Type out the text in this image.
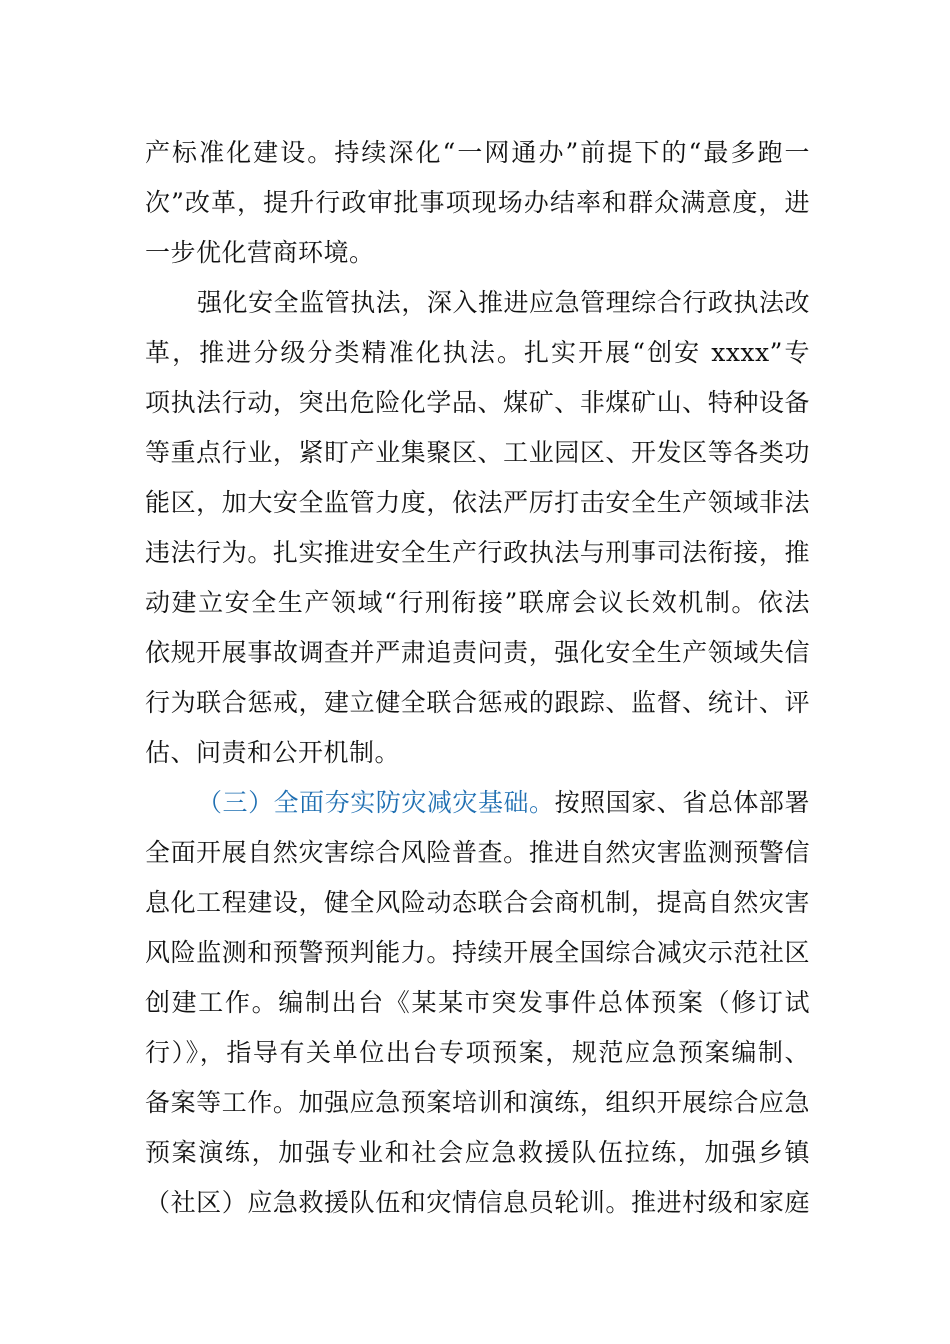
产标准化建设。持续深化“一网通办”前提下的“最多跑一
次”改革，提升行政审批事项现场办结率和群众满意度，进
一步优化营商环境。
强化安全监管执法，深入推进应急管理综合行政执法改
革，推进分级分类精准化执法。扎实开展“创安 xxxx”专
项执法行动，突出危险化学品、煤矿、非煤矿山、特种设备
等重点行业，紧盯产业集聚区、工业园区、开发区等各类功
能区，加大安全监管力度，依法严厉打击安全生产领域非法
违法行为。扎实推进安全生产行政执法与刑事司法衔接，推
动建立安全生产领域“行刑衔接”联席会议长效机制。依法
依规开展事故调查并严肃追责问责，强化安全生产领域失信
行为联合惩戒，建立健全联合惩戒的跟踪、监督、统计、评
估、问责和公开机制。
（三）全面夯实防灾减灾基础。按照国家、省总体部署
全面开展自然灾害综合风险普查。推进自然灾害监测预警信
息化工程建设，健全风险动态联合会商机制，提高自然灾害
风险监测和预警预判能力。持续开展全国综合减灾示范社区
创建工作。编制出台《某某市突发事件总体预案（修订试
行）》，指导有关单位出台专项预案，规范应急预案编制、
备案等工作。加强应急预案培训和演练，组织开展综合应急
预案演练，加强专业和社会应急救援队伍拉练，加强乡镇
（社区）应急救援队伍和灾情信息员轮训。推进村级和家庭
